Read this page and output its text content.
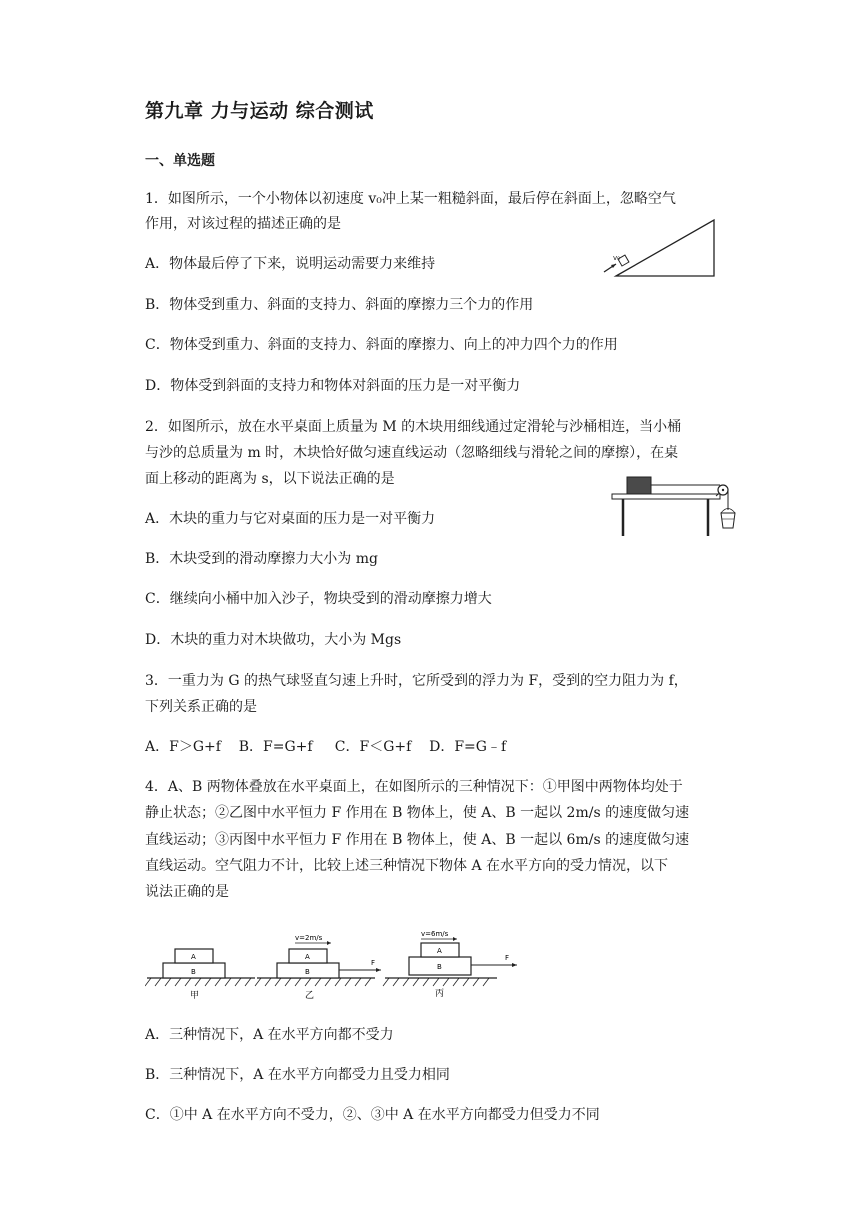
第九章 力与运动 综合测试
一、单选题
1．如图所示，一个小物体以初速度 v₀冲上某一粗糙斜面，最后停在斜面上，忽略空气
作用，对该过程的描述正确的是
A．物体最后停了下来，说明运动需要力来维持
B．物体受到重力、斜面的支持力、斜面的摩擦力三个力的作用
C．物体受到重力、斜面的支持力、斜面的摩擦力、向上的冲力四个力的作用
D．物体受到斜面的支持力和物体对斜面的压力是一对平衡力
v₀
2．如图所示，放在水平桌面上质量为 M 的木块用细线通过定滑轮与沙桶相连，当小桶
与沙的总质量为 m 时，木块恰好做匀速直线运动（忽略细线与滑轮之间的摩擦），在桌
面上移动的距离为 s，以下说法正确的是
A．木块的重力与它对桌面的压力是一对平衡力
B．木块受到的滑动摩擦力大小为 mg
C．继续向小桶中加入沙子，物块受到的滑动摩擦力增大
D．木块的重力对木块做功，大小为 Mgs
3．一重力为 G 的热气球竖直匀速上升时，它所受到的浮力为 F，受到的空力阻力为 f，
下列关系正确的是
A．F＞G+f    B．F=G+f     C．F＜G+f    D．F=G﹣f
4．A、B 两物体叠放在水平桌面上，在如图所示的三种情况下：①甲图中两物体均处于
静止状态；②乙图中水平恒力 F 作用在 B 物体上，使 A、B 一起以 2m/s 的速度做匀速
直线运动；③丙图中水平恒力 F 作用在 B 物体上，使 A、B 一起以 6m/s 的速度做匀速
直线运动。空气阻力不计，比较上述三种情况下物体 A 在水平方向的受力情况，以下
说法正确的是
A
B
甲
v=2m/s
A
B
F
乙
v=6m/s
A
B
F
丙
A．三种情况下，A 在水平方向都不受力
B．三种情况下，A 在水平方向都受力且受力相同
C．①中 A 在水平方向不受力，②、③中 A 在水平方向都受力但受力不同
